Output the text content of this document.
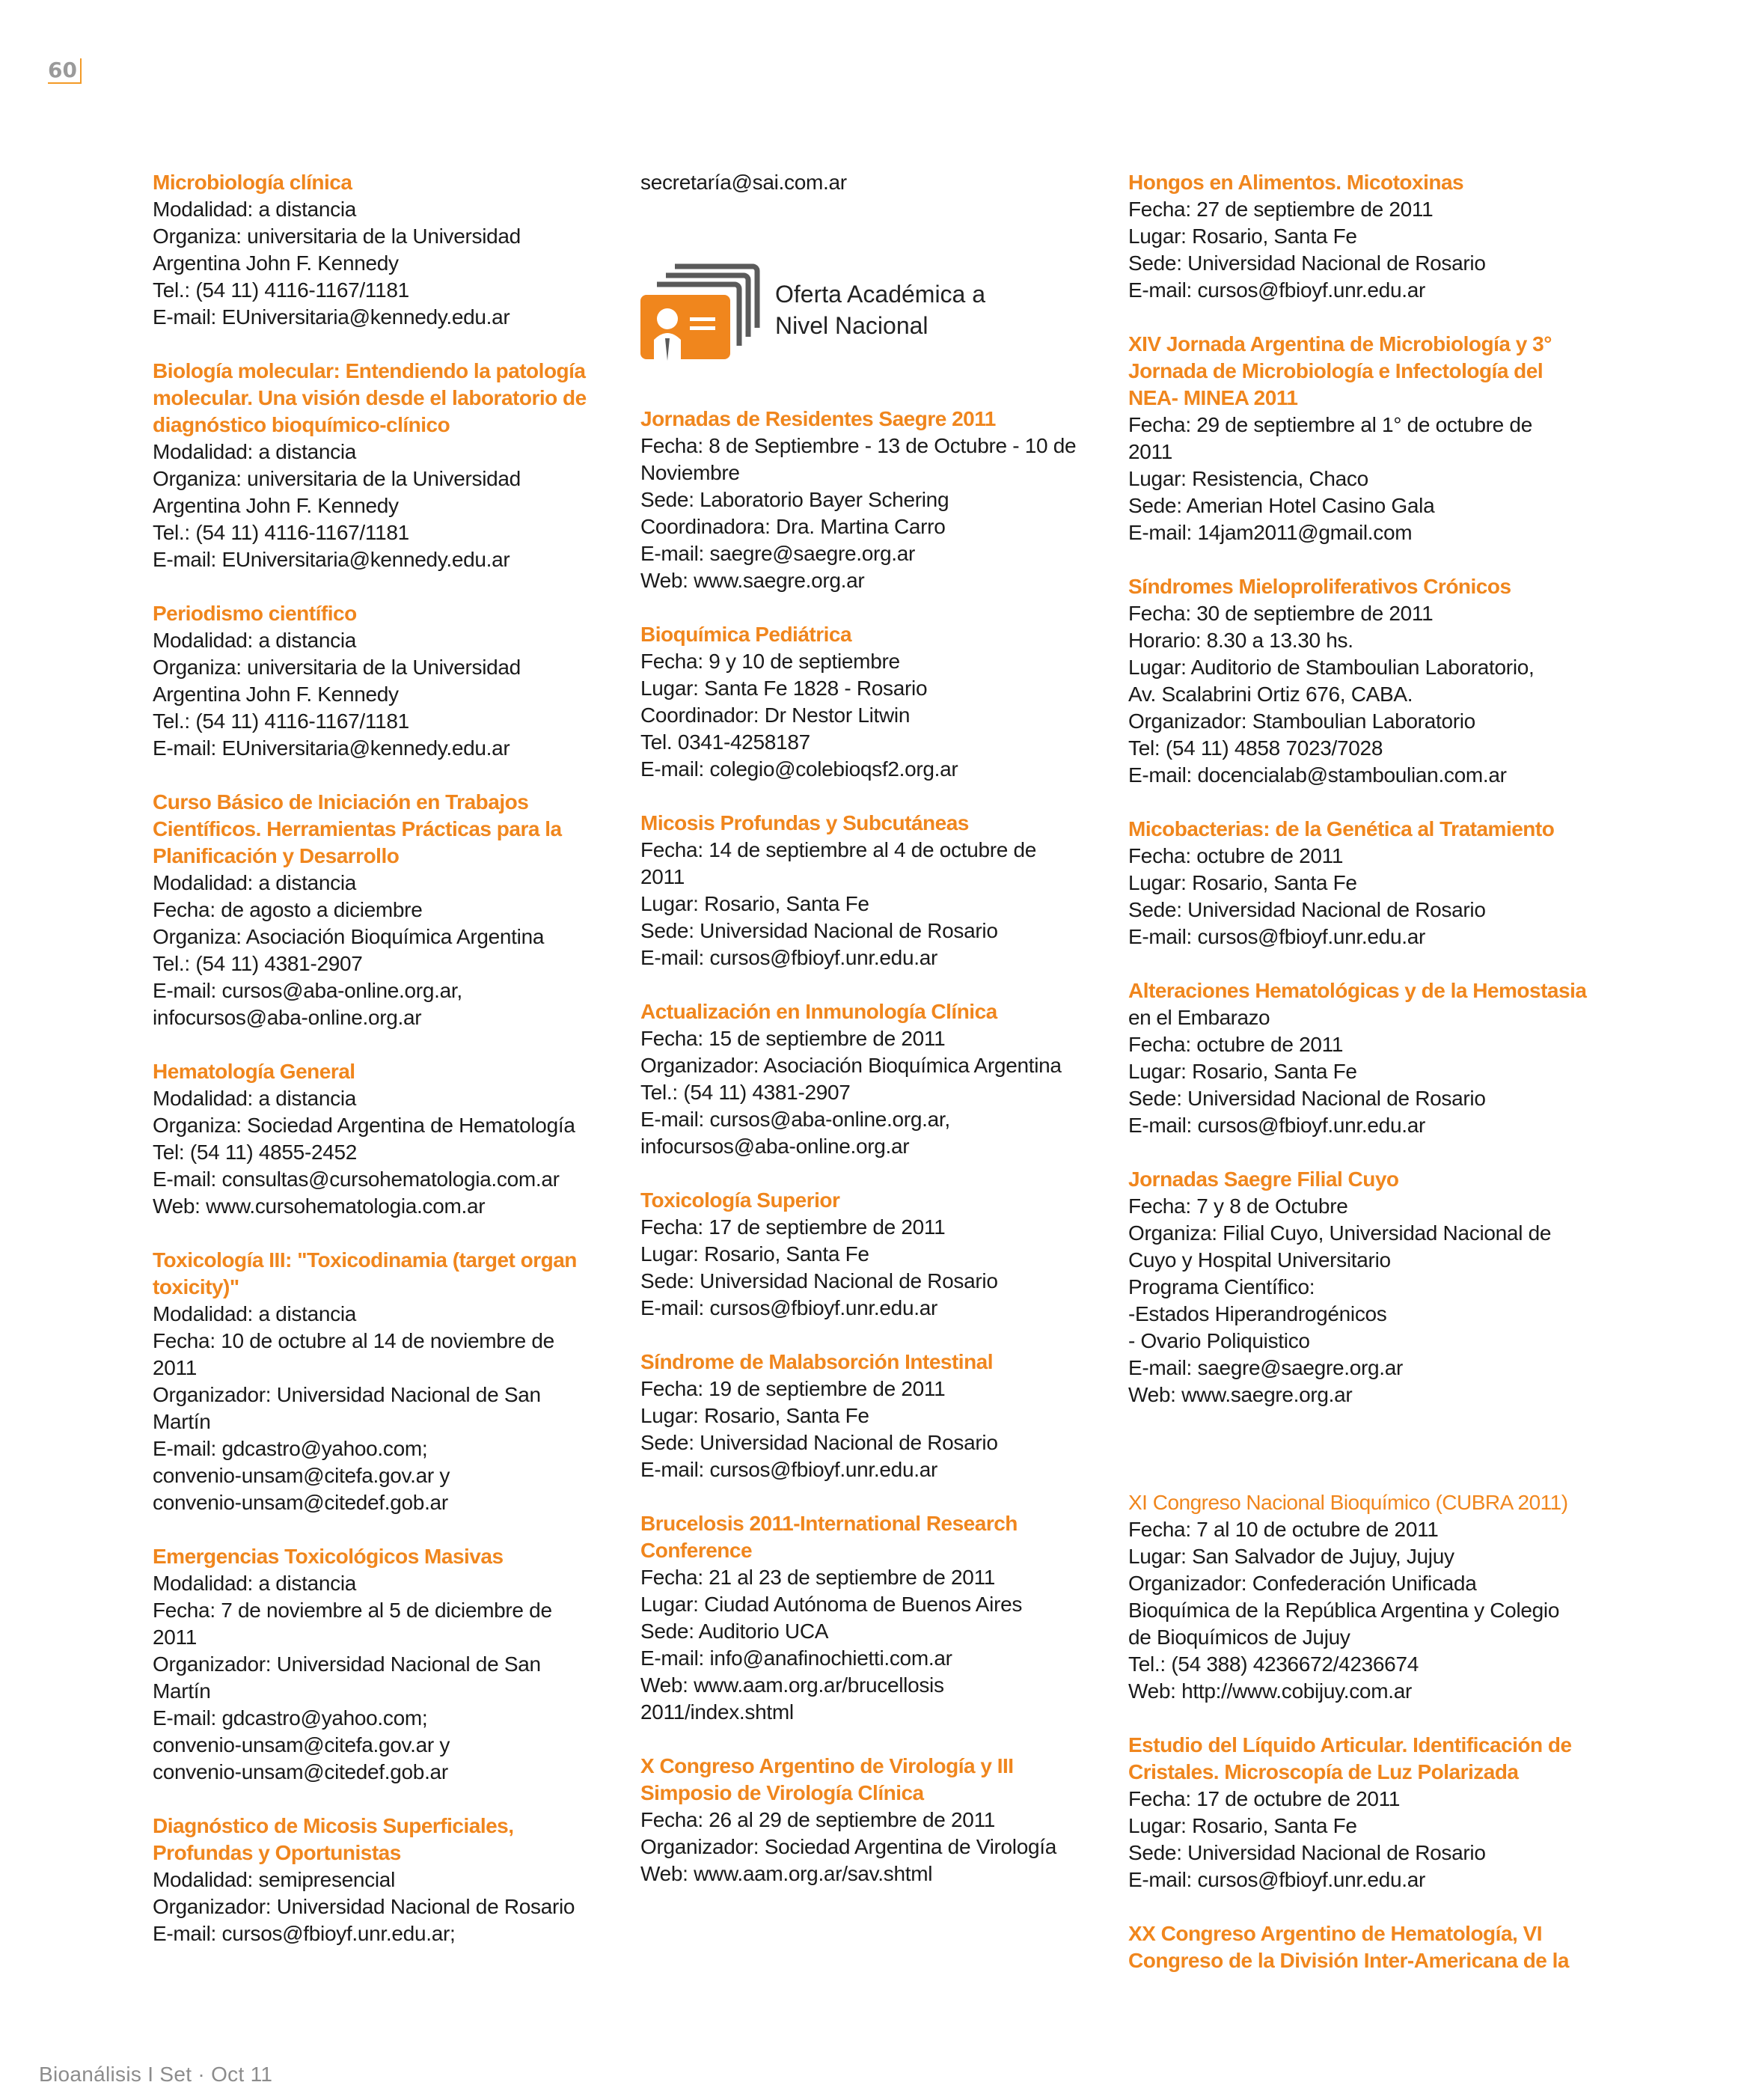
60
Microbiología clínica
Modalidad: a distancia
Organiza: universitaria de la Universidad
Argentina John F. Kennedy
Tel.: (54 11) 4116-1167/1181
E-mail: EUniversitaria@kennedy.edu.ar
Biología molecular: Entendiendo la patología
molecular. Una visión desde el laboratorio de
diagnóstico bioquímico-clínico
Modalidad: a distancia
Organiza: universitaria de la Universidad
Argentina John F. Kennedy
Tel.: (54 11) 4116-1167/1181
E-mail: EUniversitaria@kennedy.edu.ar
Periodismo científico
Modalidad: a distancia
Organiza: universitaria de la Universidad
Argentina John F. Kennedy
Tel.: (54 11) 4116-1167/1181
E-mail: EUniversitaria@kennedy.edu.ar
Curso Básico de Iniciación en Trabajos
Científicos. Herramientas Prácticas para la
Planificación y Desarrollo
Modalidad: a distancia
Fecha: de agosto a diciembre
Organiza: Asociación Bioquímica Argentina
Tel.: (54 11) 4381-2907
E-mail: cursos@aba-online.org.ar,
infocursos@aba-online.org.ar
Hematología General
Modalidad: a distancia
Organiza: Sociedad Argentina de Hematología
Tel: (54 11) 4855-2452
E-mail: consultas@cursohematologia.com.ar
Web: www.cursohematologia.com.ar
Toxicología III: "Toxicodinamia (target organ
toxicity)"
Modalidad: a distancia
Fecha: 10 de octubre al 14 de noviembre de
2011
Organizador: Universidad Nacional de San
Martín
E-mail: gdcastro@yahoo.com;
convenio-unsam@citefa.gov.ar y
convenio-unsam@citedef.gob.ar
Emergencias Toxicológicos Masivas
Modalidad: a distancia
Fecha: 7 de noviembre al 5 de diciembre de
2011
Organizador: Universidad Nacional de San
Martín
E-mail: gdcastro@yahoo.com;
convenio-unsam@citefa.gov.ar y
convenio-unsam@citedef.gob.ar
Diagnóstico de Micosis Superficiales,
Profundas y Oportunistas
Modalidad: semipresencial
Organizador: Universidad Nacional de Rosario
E-mail: cursos@fbioyf.unr.edu.ar;
secretaría@sai.com.ar
Oferta Académica a
Nivel Nacional
Jornadas de Residentes Saegre 2011
Fecha: 8 de Septiembre - 13 de Octubre - 10 de
Noviembre
Sede: Laboratorio Bayer Schering
Coordinadora: Dra. Martina Carro
E-mail: saegre@saegre.org.ar
Web: www.saegre.org.ar
Bioquímica Pediátrica
Fecha: 9 y 10 de septiembre
Lugar: Santa Fe 1828 - Rosario
Coordinador: Dr Nestor Litwin
Tel. 0341-4258187
E-mail: colegio@colebioqsf2.org.ar
Micosis Profundas y Subcutáneas
Fecha: 14 de septiembre al 4 de octubre de
2011
Lugar: Rosario, Santa Fe
Sede: Universidad Nacional de Rosario
E-mail: cursos@fbioyf.unr.edu.ar
Actualización en Inmunología Clínica
Fecha: 15 de septiembre de 2011
Organizador: Asociación Bioquímica Argentina
Tel.: (54 11) 4381-2907
E-mail: cursos@aba-online.org.ar,
infocursos@aba-online.org.ar
Toxicología Superior
Fecha: 17 de septiembre de 2011
Lugar: Rosario, Santa Fe
Sede: Universidad Nacional de Rosario
E-mail: cursos@fbioyf.unr.edu.ar
Síndrome de Malabsorción Intestinal
Fecha: 19 de septiembre de 2011
Lugar: Rosario, Santa Fe
Sede: Universidad Nacional de Rosario
E-mail: cursos@fbioyf.unr.edu.ar
Brucelosis 2011-International Research
Conference
Fecha: 21 al 23 de septiembre de 2011
Lugar: Ciudad Autónoma de Buenos Aires
Sede: Auditorio UCA
E-mail: info@anafinochietti.com.ar
Web: www.aam.org.ar/brucellosis
2011/index.shtml
X Congreso Argentino de Virología y III
Simposio de Virología Clínica
Fecha: 26 al 29 de septiembre de 2011
Organizador: Sociedad Argentina de Virología
Web: www.aam.org.ar/sav.shtml
Hongos en Alimentos. Micotoxinas
Fecha: 27 de septiembre de 2011
Lugar: Rosario, Santa Fe
Sede: Universidad Nacional de Rosario
E-mail: cursos@fbioyf.unr.edu.ar
XIV Jornada Argentina de Microbiología y 3°
Jornada de Microbiología e Infectología del
NEA- MINEA 2011
Fecha: 29 de septiembre al 1° de octubre de
2011
Lugar: Resistencia, Chaco
Sede: Amerian Hotel Casino Gala
E-mail: 14jam2011@gmail.com
Síndromes Mieloproliferativos Crónicos
Fecha: 30 de septiembre de 2011
Horario: 8.30 a 13.30 hs.
Lugar: Auditorio de Stamboulian Laboratorio,
Av. Scalabrini Ortiz 676, CABA.
Organizador: Stamboulian Laboratorio
Tel: (54 11) 4858 7023/7028
E-mail: docencialab@stamboulian.com.ar
Micobacterias: de la Genética al Tratamiento
Fecha: octubre de 2011
Lugar: Rosario, Santa Fe
Sede: Universidad Nacional de Rosario
E-mail: cursos@fbioyf.unr.edu.ar
Alteraciones Hematológicas y de la Hemostasia
en el Embarazo
Fecha: octubre de 2011
Lugar: Rosario, Santa Fe
Sede: Universidad Nacional de Rosario
E-mail: cursos@fbioyf.unr.edu.ar
Jornadas Saegre Filial Cuyo
Fecha: 7 y 8 de Octubre
Organiza: Filial Cuyo, Universidad Nacional de
Cuyo y Hospital Universitario
Programa Científico:
-Estados Hiperandrogénicos
- Ovario Poliquistico
E-mail: saegre@saegre.org.ar
Web: www.saegre.org.ar
XI Congreso Nacional Bioquímico (CUBRA 2011)
Fecha: 7 al 10 de octubre de 2011
Lugar: San Salvador de Jujuy, Jujuy
Organizador: Confederación Unificada
Bioquímica de la República Argentina y Colegio
de Bioquímicos de Jujuy
Tel.: (54 388) 4236672/4236674
Web: http://www.cobijuy.com.ar
Estudio del Líquido Articular. Identificación de
Cristales. Microscopía de Luz Polarizada
Fecha: 17 de octubre de 2011
Lugar: Rosario, Santa Fe
Sede: Universidad Nacional de Rosario
E-mail: cursos@fbioyf.unr.edu.ar
XX Congreso Argentino de Hematología, VI
Congreso de la División Inter-Americana de la
Bioanálisis I Set · Oct 11
